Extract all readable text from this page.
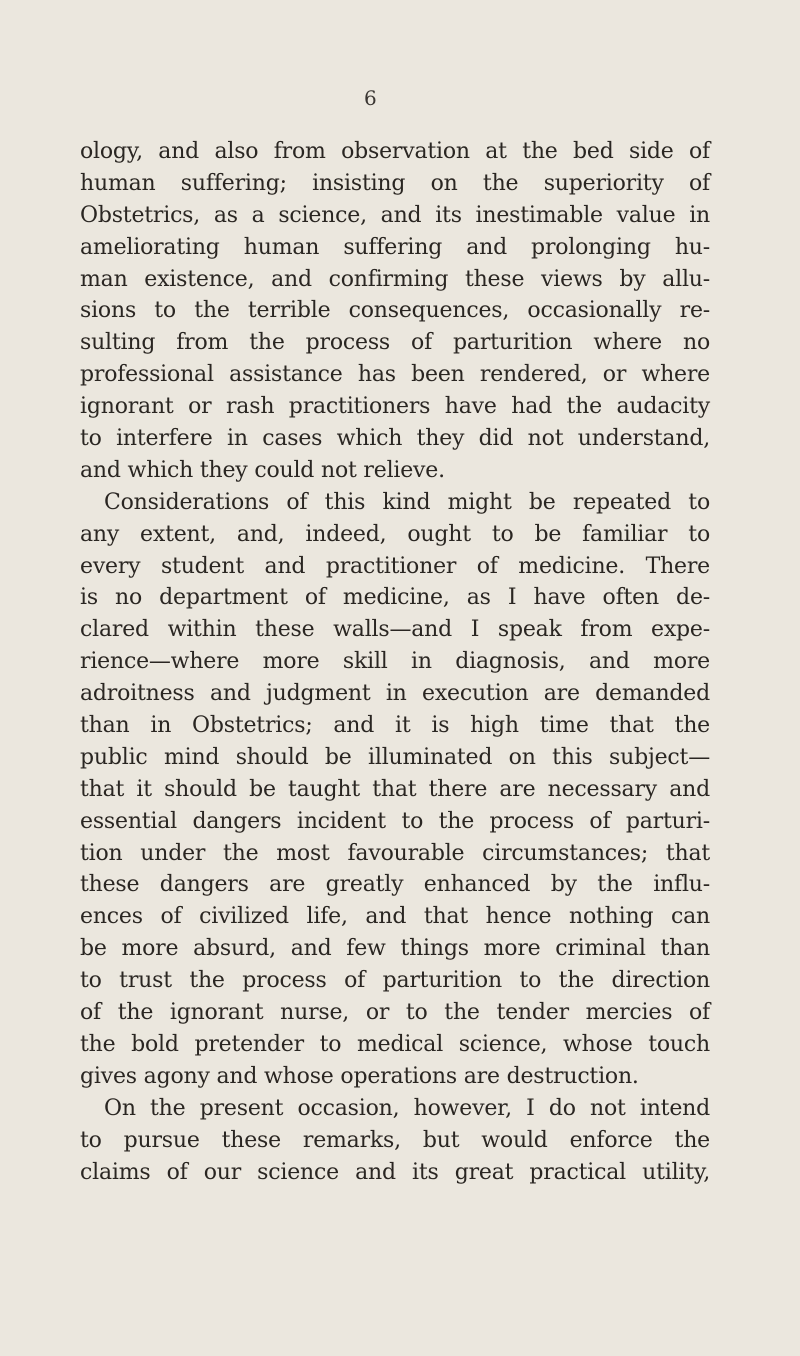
6
ology, and also from observation at the bed side of
human suffering; insisting on the superiority of
Obstetrics, as a science, and its inestimable value in
ameliorating human suffering and prolonging hu-
man existence, and confirming these views by allu-
sions to the terrible consequences, occasionally re-
sulting from the process of parturition where no
professional assistance has been rendered, or where
ignorant or rash practitioners have had the audacity
to interfere in cases which they did not understand,
and which they could not relieve.
Considerations of this kind might be repeated to
any extent, and, indeed, ought to be familiar to
every student and practitioner of medicine. There
is no department of medicine, as I have often de-
clared within these walls—and I speak from expe-
rience—where more skill in diagnosis, and more
adroitness and judgment in execution are demanded
than in Obstetrics; and it is high time that the
public mind should be illuminated on this subject—
that it should be taught that there are necessary and
essential dangers incident to the process of parturi-
tion under the most favourable circumstances; that
these dangers are greatly enhanced by the influ-
ences of civilized life, and that hence nothing can
be more absurd, and few things more criminal than
to trust the process of parturition to the direction
of the ignorant nurse, or to the tender mercies of
the bold pretender to medical science, whose touch
gives agony and whose operations are destruction.
On the present occasion, however, I do not intend
to pursue these remarks, but would enforce the
claims of our science and its great practical utility,
